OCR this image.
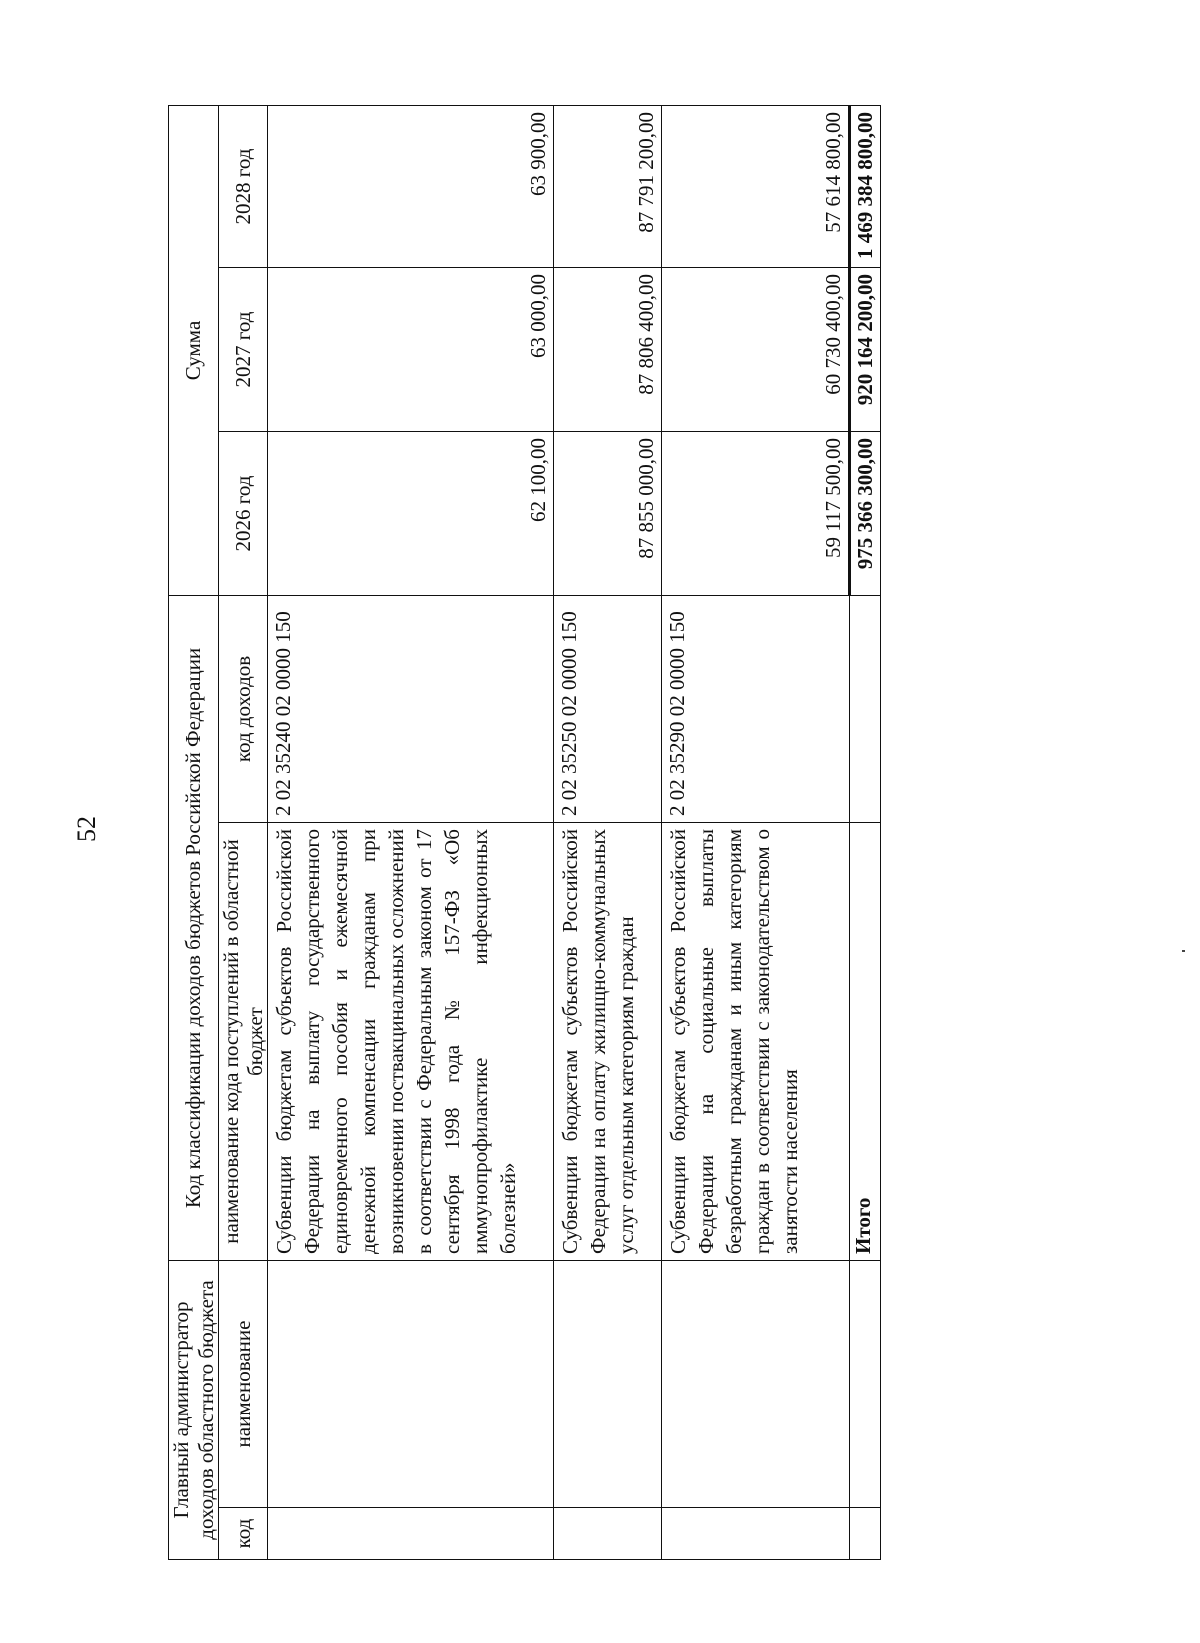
52
Главный администратор доходов областного бюджета		Код классификации доходов бюджетов Российской Федерации		Сумма		
код	наименование	наименование кода поступлений в областной бюджет	код доходов	2026 год	2027 год	2028 год
		Субвенции бюджетам субъектов Российской Федерации на выплату государственного единовременного пособия и ежемесячной денежной компенсации гражданам при возникновении поствакцинальных осложнений в соответствии с Федеральным законом от 17 сентября 1998 года № 157-ФЗ «Об иммунопрофилактике инфекционных болезней»	2 02 35240 02 0000 150	62 100,00	63 000,00	63 900,00
		Субвенции бюджетам субъектов Российской Федерации на оплату жилищно-коммунальных услуг отдельным категориям граждан	2 02 35250 02 0000 150	87 855 000,00	87 806 400,00	87 791 200,00
		Субвенции бюджетам субъектов Российской Федерации на социальные выплаты безработным гражданам и иным категориям граждан в соответствии с законодательством о занятости населения	2 02 35290 02 0000 150	59 117 500,00	60 730 400,00	57 614 800,00
		Итого		975 366 300,00	920 164 200,00	1 469 384 800,00
